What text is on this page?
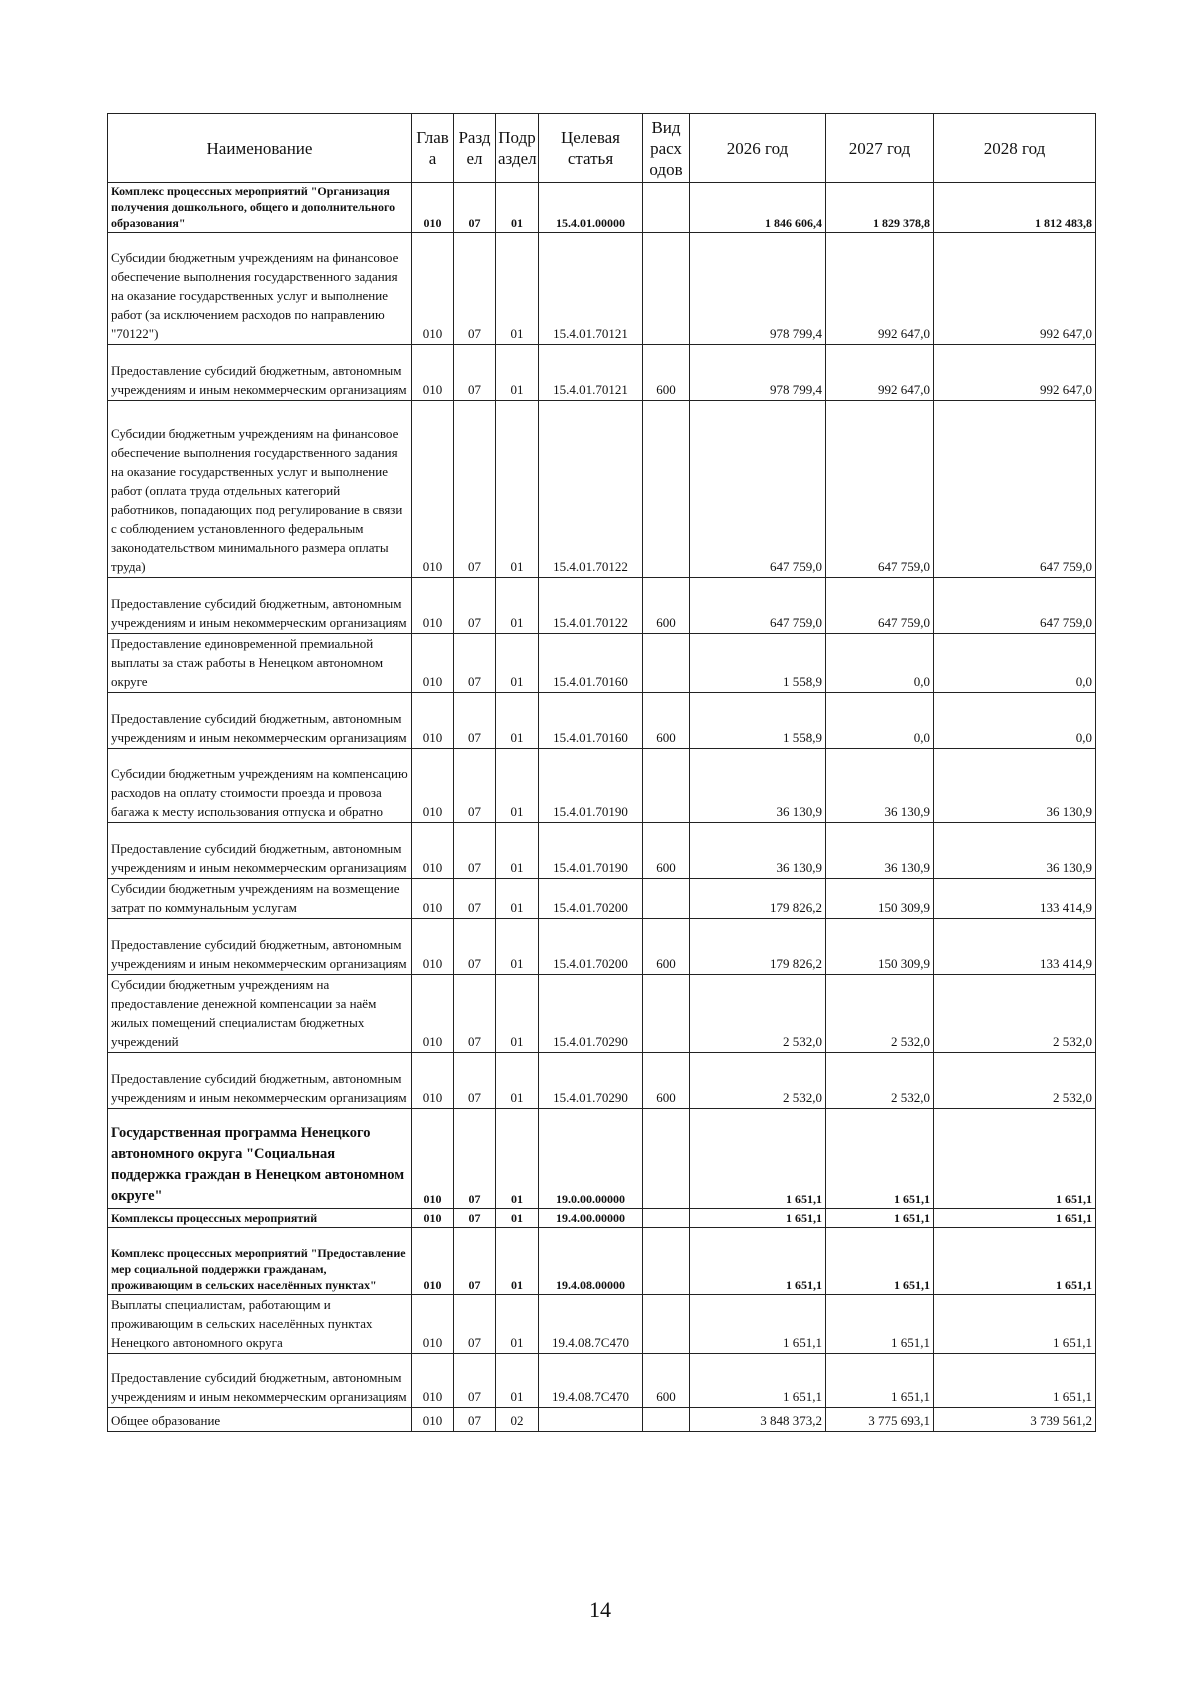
Наименование	Глав а	Разд ел	Подр аздел	Целевая статья	Вид расх одов	2026 год	2027 год	2028 год
Комплекс процессных мероприятий "Организация получения дошкольного, общего и дополнительного образования"	010	07	01	15.4.01.00000		1 846 606,4	1 829 378,8	1 812 483,8
Субсидии бюджетным учреждениям на финансовое обеспечение выполнения государственного задания на оказание государственных услуг и выполнение работ (за исключением расходов по направлению "70122")	010	07	01	15.4.01.70121		978 799,4	992 647,0	992 647,0
Предоставление субсидий бюджетным, автономным учреждениям и иным некоммерческим организациям	010	07	01	15.4.01.70121	600	978 799,4	992 647,0	992 647,0
Субсидии бюджетным учреждениям на финансовое обеспечение выполнения государственного задания на оказание государственных услуг и выполнение работ (оплата труда отдельных категорий работников, попадающих под регулирование в связи с соблюдением установленного федеральным законодательством минимального размера оплаты труда)	010	07	01	15.4.01.70122		647 759,0	647 759,0	647 759,0
Предоставление субсидий бюджетным, автономным учреждениям и иным некоммерческим организациям	010	07	01	15.4.01.70122	600	647 759,0	647 759,0	647 759,0
Предоставление единовременной премиальной выплаты за стаж работы в Ненецком автономном округе	010	07	01	15.4.01.70160		1 558,9	0,0	0,0
Предоставление субсидий бюджетным, автономным учреждениям и иным некоммерческим организациям	010	07	01	15.4.01.70160	600	1 558,9	0,0	0,0
Субсидии бюджетным учреждениям на компенсацию расходов на оплату стоимости проезда и провоза багажа к месту использования отпуска и обратно	010	07	01	15.4.01.70190		36 130,9	36 130,9	36 130,9
Предоставление субсидий бюджетным, автономным учреждениям и иным некоммерческим организациям	010	07	01	15.4.01.70190	600	36 130,9	36 130,9	36 130,9
Субсидии бюджетным учреждениям на возмещение затрат по коммунальным услугам	010	07	01	15.4.01.70200		179 826,2	150 309,9	133 414,9
Предоставление субсидий бюджетным, автономным учреждениям и иным некоммерческим организациям	010	07	01	15.4.01.70200	600	179 826,2	150 309,9	133 414,9
Субсидии бюджетным учреждениям на предоставление денежной компенсации за наём жилых помещений специалистам бюджетных учреждений	010	07	01	15.4.01.70290		2 532,0	2 532,0	2 532,0
Предоставление субсидий бюджетным, автономным учреждениям и иным некоммерческим организациям	010	07	01	15.4.01.70290	600	2 532,0	2 532,0	2 532,0
Государственная программа Ненецкого автономного округа "Социальная поддержка граждан в Ненецком автономном округе"	010	07	01	19.0.00.00000		1 651,1	1 651,1	1 651,1
Комплексы процессных мероприятий	010	07	01	19.4.00.00000		1 651,1	1 651,1	1 651,1
Комплекс процессных мероприятий "Предоставление мер социальной поддержки гражданам, проживающим в сельских населённых пунктах"	010	07	01	19.4.08.00000		1 651,1	1 651,1	1 651,1
Выплаты специалистам, работающим и проживающим в сельских населённых пунктах Ненецкого автономного округа	010	07	01	19.4.08.7С470		1 651,1	1 651,1	1 651,1
Предоставление субсидий бюджетным, автономным учреждениям и иным некоммерческим организациям	010	07	01	19.4.08.7С470	600	1 651,1	1 651,1	1 651,1
Общее образование	010	07	02			3 848 373,2	3 775 693,1	3 739 561,2
14
